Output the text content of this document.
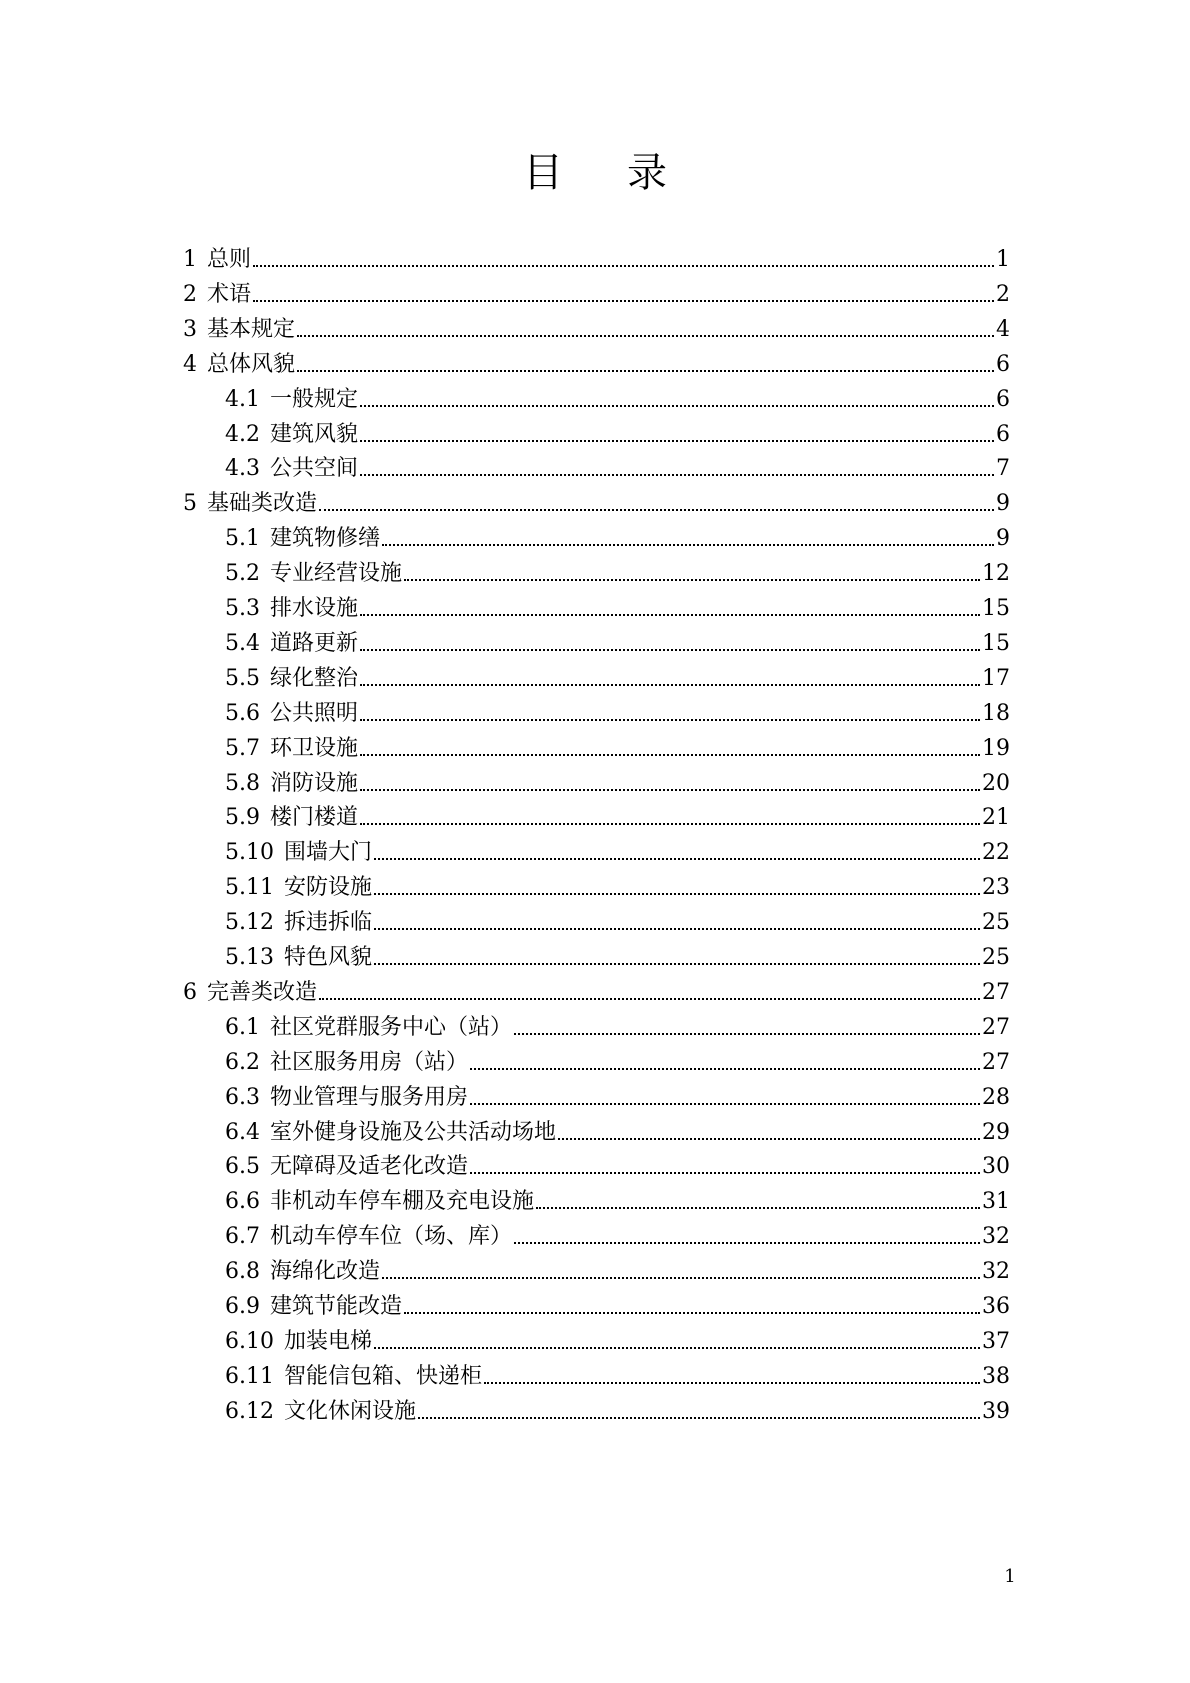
目录
1 总则	1
2 术语	2
3 基本规定	4
4 总体风貌	6
4.1 一般规定	6
4.2 建筑风貌	6
4.3 公共空间	7
5 基础类改造	9
5.1 建筑物修缮	9
5.2 专业经营设施	12
5.3 排水设施	15
5.4 道路更新	15
5.5 绿化整治	17
5.6 公共照明	18
5.7 环卫设施	19
5.8 消防设施	20
5.9 楼门楼道	21
5.10 围墙大门	22
5.11 安防设施	23
5.12 拆违拆临	25
5.13 特色风貌	25
6 完善类改造	27
6.1 社区党群服务中心（站）	27
6.2 社区服务用房（站）	27
6.3 物业管理与服务用房	28
6.4 室外健身设施及公共活动场地	29
6.5 无障碍及适老化改造	30
6.6 非机动车停车棚及充电设施	31
6.7 机动车停车位（场、库）	32
6.8 海绵化改造	32
6.9 建筑节能改造	36
6.10 加装电梯	37
6.11 智能信包箱、快递柜	38
6.12 文化休闲设施	39
1
